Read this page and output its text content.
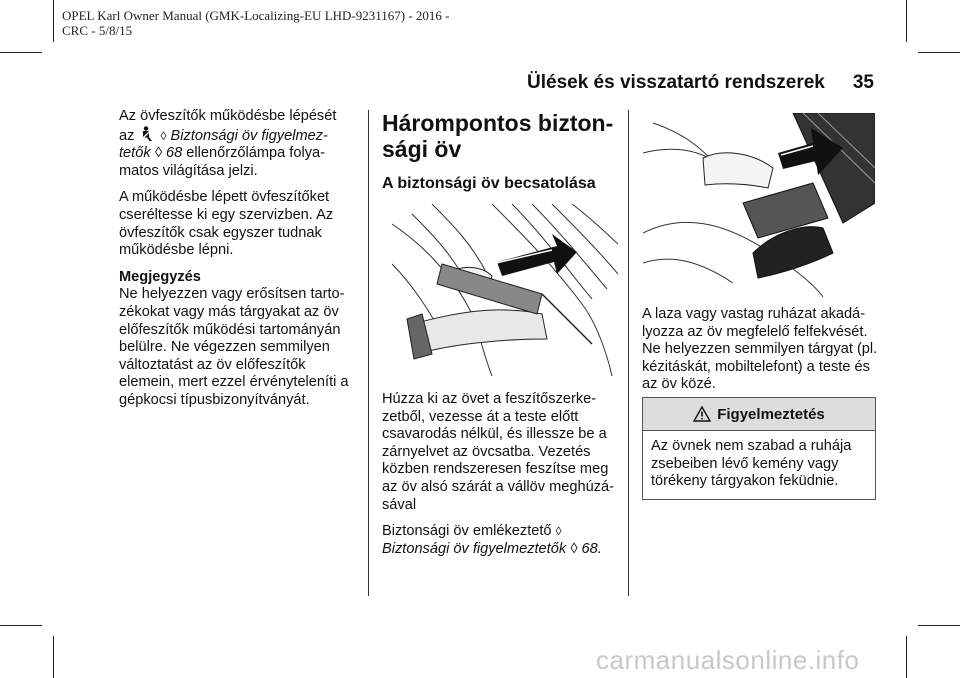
OPEL Karl Owner Manual (GMK-Localizing-EU LHD-9231167) - 2016 -
CRC - 5/8/15
Ülések és visszatartó rendszerek 35

Az övfeszítők működésbe lépését
az ◊ Biztonsági öv figyelmez-
tetők ◊ 68 ellenőrzőlámpa folya-
matos világítása jelzi.

A működésbe lépett övfeszítőket cseréltesse ki egy szervizben. Az övfeszítők csak egyszer tudnak működésbe lépni.

Megjegyzés

Ne helyezzen vagy erősítsen tartozékokat vagy más tárgyakat az öv előfeszítők működési tartományán belülre. Ne végezzen semmilyen változtatást az öv előfeszítők elemein, mert ezzel érvényteleníti a gépkocsi típusbizonyítványát.

Hárompontos bizton-sági öv
A biztonsági öv becsatolása

Húzza ki az övet a feszítőszerkezetből, vezesse át a teste előtt csavarodás nélkül, és illessze be a zárnyelvet az övcsatba. Vezetés közben rendszeresen feszítse meg az öv alsó szárát a vállöv meghúzásával

Biztonsági öv emlékeztető ◊
Biztonsági öv figyelmeztetők ◊ 68.

A laza vagy vastag ruházat akadályozza az öv megfelelő felfekvését. Ne helyezzen semmilyen tárgyat (pl. kézitáskát, mobiltelefont) a teste és az öv közé.

Figyelmeztetés
Az övnek nem szabad a ruhája zsebeiben lévő kemény vagy törékeny tárgyakon feküdnie.
carmanualsonline.info
